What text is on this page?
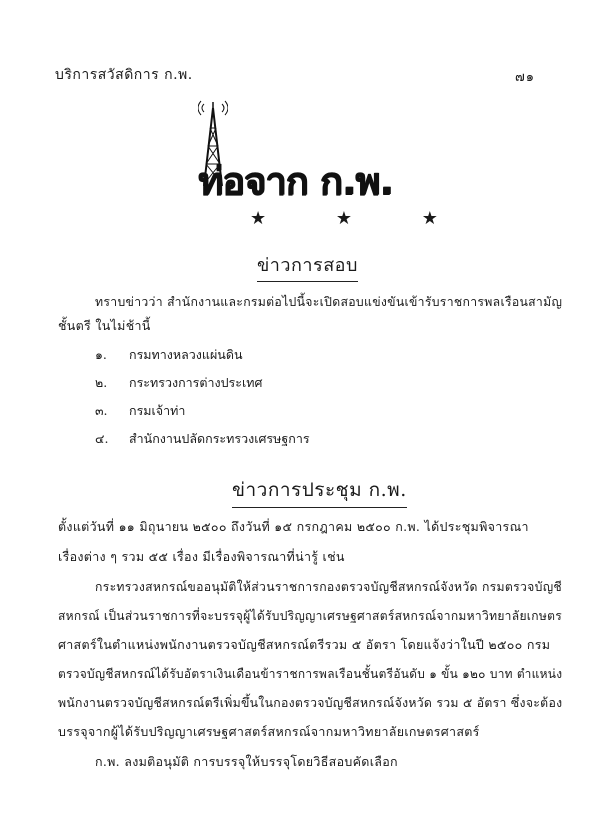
บริการสวัสดิการ ก.พ.	๗๑
ท่อจาก ก.พ.
★ ★ ★
ข่าวการสอบ
ทราบข่าวว่า สำนักงานและกรมต่อไปนี้จะเปิดสอบแข่งขันเข้ารับราชการพลเรือนสามัญ
ชั้นตรี ในไม่ช้านี้
๑. กรมทางหลวงแผ่นดิน
๒. กระทรวงการต่างประเทศ
๓. กรมเจ้าท่า
๔. สำนักงานปลัดกระทรวงเศรษฐการ
ข่าวการประชุม ก.พ.
ตั้งแต่วันที่ ๑๑ มิถุนายน ๒๕๐๐ ถึงวันที่ ๑๕ กรกฎาคม ๒๕๐๐ ก.พ. ได้ประชุมพิจารณา
เรื่องต่าง ๆ รวม ๕๕ เรื่อง มีเรื่องพิจารณาที่น่ารู้ เช่น
กระทรวงสหกรณ์ขออนุมัติให้ส่วนราชการกองตรวจบัญชีสหกรณ์จังหวัด กรมตรวจบัญชี
สหกรณ์ เป็นส่วนราชการที่จะบรรจุผู้ได้รับปริญญาเศรษฐศาสตร์สหกรณ์จากมหาวิทยาลัยเกษตร
ศาสตร์ในตำแหน่งพนักงานตรวจบัญชีสหกรณ์ตรีรวม ๕ อัตรา โดยแจ้งว่าในปี ๒๕๐๐ กรม
ตรวจบัญชีสหกรณ์ได้รับอัตราเงินเดือนข้าราชการพลเรือนชั้นตรีอันดับ ๑ ขั้น ๑๒๐ บาท ตำแหน่ง
พนักงานตรวจบัญชีสหกรณ์ตรีเพิ่มขึ้นในกองตรวจบัญชีสหกรณ์จังหวัด รวม ๕ อัตรา ซึ่งจะต้อง
บรรจุจากผู้ได้รับปริญญาเศรษฐศาสตร์สหกรณ์จากมหาวิทยาลัยเกษตรศาสตร์
ก.พ. ลงมติอนุมัติ การบรรจุให้บรรจุโดยวิธีสอบคัดเลือก
